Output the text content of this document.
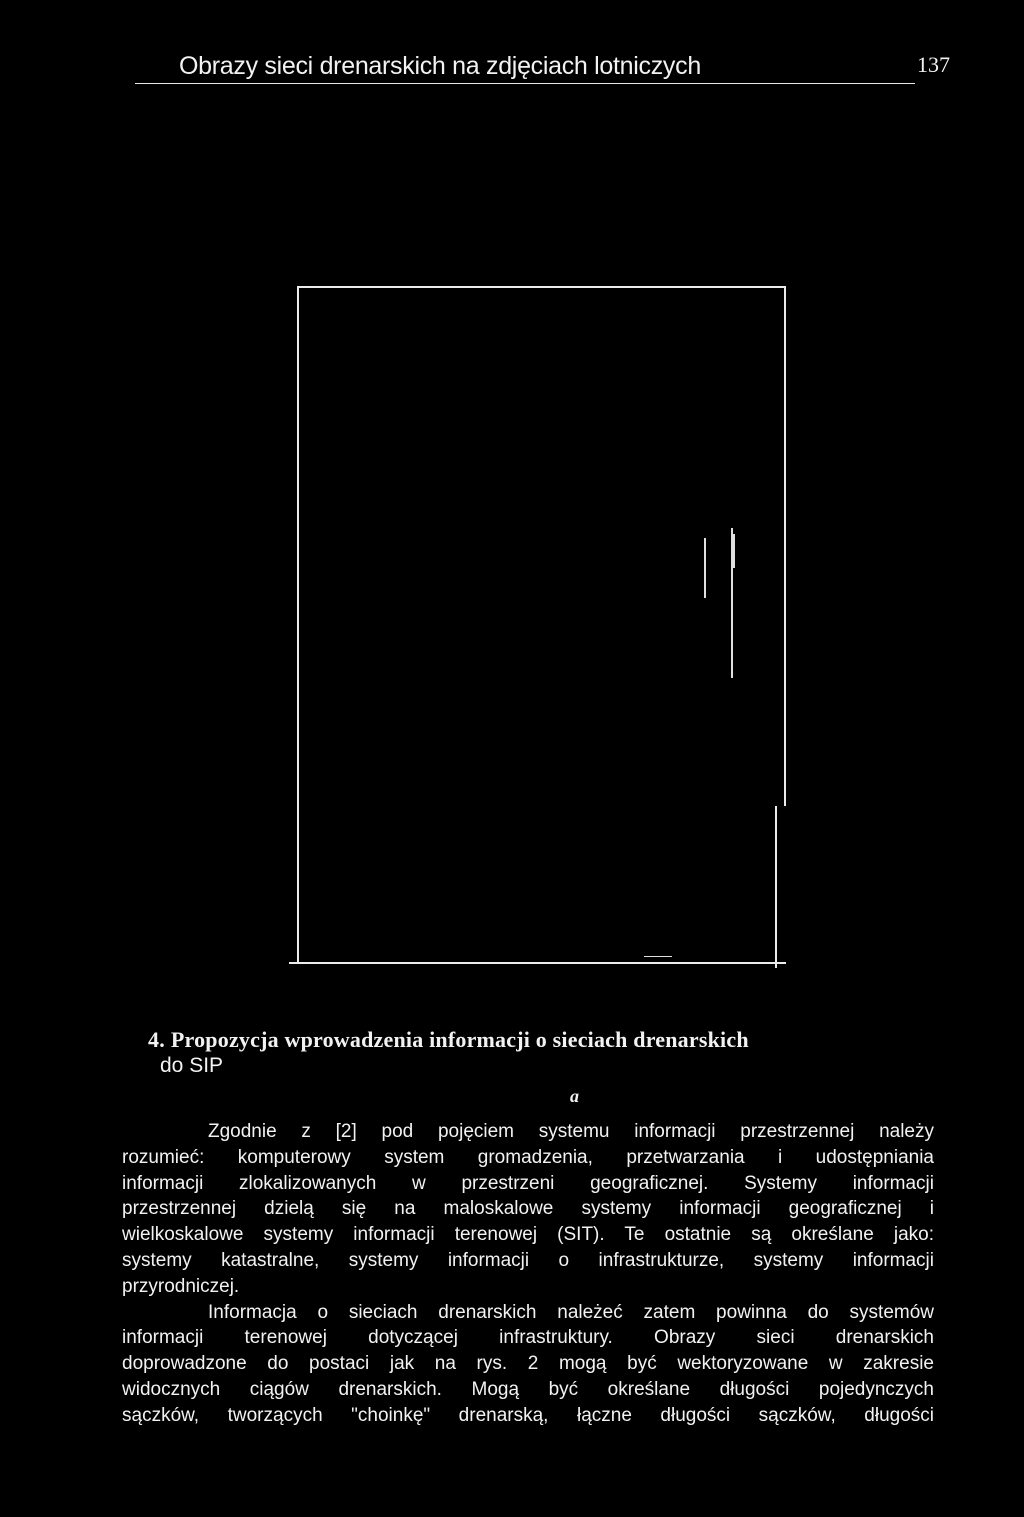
Obrazy sieci drenarskich na zdjęciach lotniczych	137
4. Propozycja wprowadzenia informacji o sieciach drenarskich
do SIP
a
Zgodnie z [2] pod pojęciem systemu informacji przestrzennej należy
rozumieć: komputerowy system gromadzenia, przetwarzania i udostępniania
informacji zlokalizowanych w przestrzeni geograficznej. Systemy informacji
przestrzennej dzielą się na maloskalowe systemy informacji geograficznej i
wielkoskalowe systemy informacji terenowej (SIT). Te ostatnie są określane jako:
systemy katastralne, systemy informacji o infrastrukturze, systemy informacji
przyrodniczej.
Informacja o sieciach drenarskich należeć zatem powinna do systemów
informacji terenowej dotyczącej infrastruktury. Obrazy sieci drenarskich
doprowadzone do postaci jak na rys. 2 mogą być wektoryzowane w zakresie
widocznych ciągów drenarskich. Mogą być określane długości pojedynczych
sączków, tworzących "choinkę" drenarską, łączne długości sączków, długości
